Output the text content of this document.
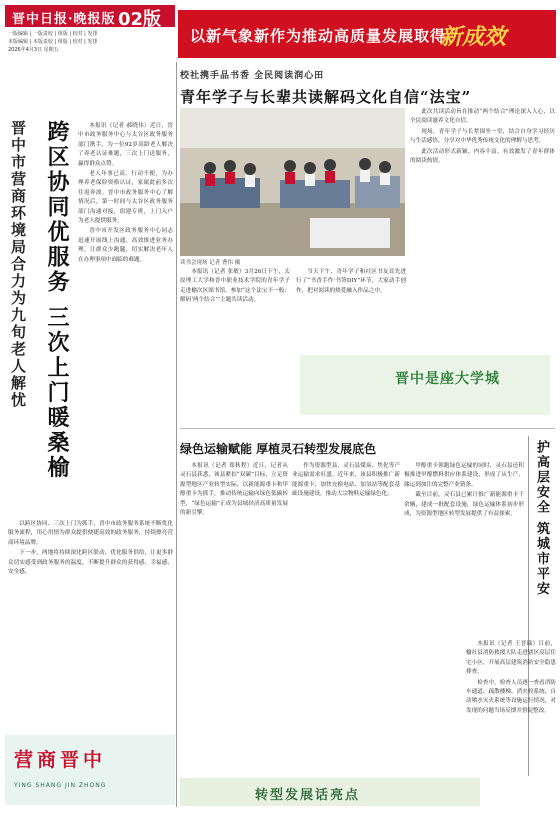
晋中日报·晚报版 02版
一版编辑 | 一版责校 | 组版 | 校对 | 发排
本版编辑 | 本版责校 | 组版 | 校对 | 发排
2026年4月3日 星期五
以新气象新作为推动高质量发展取得
新成效
晋中市营商环境局合力为九旬老人解忧 跨区协同优服务 三次上门暖桑榆	本报讯（记者 郝晓伟）近日，晋中市政务服务中心与太谷区政务服务部门携手，为一位92岁高龄老人解决了养老认证难题，三次上门送服务，赢得群众点赞。

老人年事已高、行动不便，为办理养老保险资格认证，家属此前多次往返奔波。晋中市政务服务中心了解情况后，第一时间与太谷区政务服务部门沟通对接，组建专班，上门入户为老人提供服务。

晋中市开发区政务服务中心同志迅速开展线上沟通，高效推进业务办理，让群众少跑腿，切实解决老年人在办理事项中面临的难题。

以跨区协同、三次上门为抓手，晋中市政务服务系统不断优化服务流程，用心用情为群众提供便捷高效的政务服务，持续擦亮营商环境品牌。

下一步，两地将持续深化跨区联动，优化服务供给，让更多群众切实感受到政务服务的温度，不断提升群众的获得感、幸福感、安全感。

营商晋中
YING SHANG JIN ZHONG
校社携手品书香 全民阅读润心田
青年学子与长辈共读解码文化自信“法宝”
读书会现场 记者 曹伟 摄

此次共读活动旨在推动“两个结合”理论深入人心，以全民阅读滋养文化自信。

现场，青年学子与长辈围坐一堂，结合自身学习经历与生活感悟，分享对中华优秀传统文化的理解与思考。

此次活动形式新颖、内容丰富，有效激发了青年群体的阅读热情。

本报讯（记者 张敏）3月26日下午，太原理工大学和晋中职业技术学院的青年学子走进榆次区图书馆，参加“这个法宝不一般：解码‘两个结合’”主题共读活动。

当天下午，青年学子和社区书友首先进行了“书香手作·书签DIY”环节，大家动手创作，把对阅读的热爱融入作品之中。

晋中是座大学城
绿色运输赋能 厚植灵石转型发展底色

本报讯（记者 郑秋程）近日，记者从灵石县获悉，该县紧扣“双碳”目标，立足资源型地区产业转型实际，以新能源重卡和甲醇重卡为抓手，推动传统运输向绿色低碳转型，“绿色运输”正成为县域经济高质量发展的新引擎。

作为资源型县，灵石县煤炭、焦化等产业运输需求旺盛。近年来，该县积极推广新能源重卡，加快充换电站、加氢站等配套基础设施建设，推动大宗物料运输绿色化。

甲醇重卡领跑绿色运输的同时，灵石县还积极推进甲醇燃料供应体系建设，形成了从生产、储运到加注的完整产业链条。

截至目前，灵石县已累计推广新能源重卡千余辆，建成一批配套设施，绿色运输体系初步形成，为资源型地区转型发展提供了有益探索。

转型发展话亮点
护高层安全 筑城市平安

本报讯（记者 王晋瑞）目前，榆社县消防救援大队走进辖区高层住宅小区，开展高层建筑消防安全隐患排查。

检查中，检查人员逐一查看消防车通道、疏散楼梯、消火栓系统、自动喷水灭火系统等设施运行情况，对发现的问题当场反馈并督促整改。
